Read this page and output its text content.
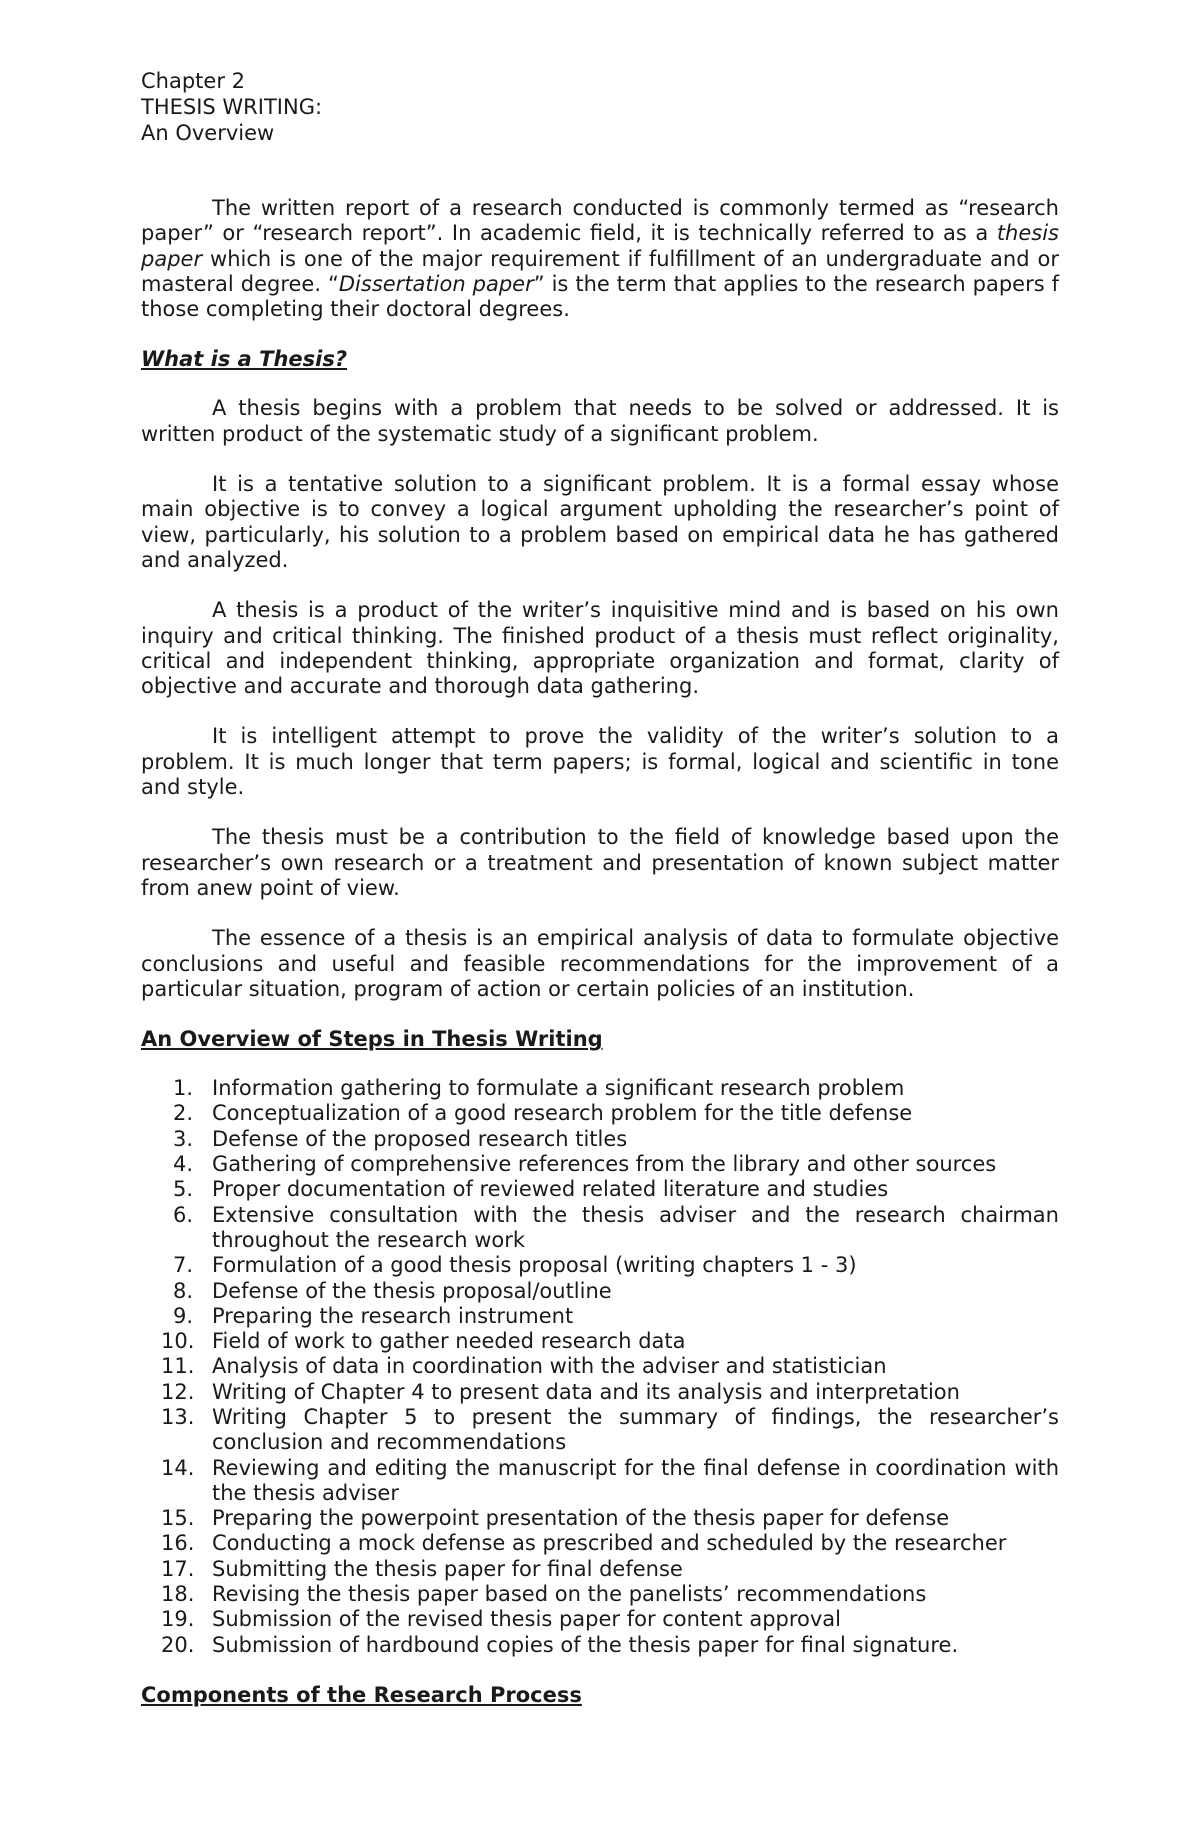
Chapter 2

THESIS WRITING:

An Overview

The written report of a research conducted is commonly termed as “research paper” or “research report”. In academic field, it is technically referred to as a thesis paper which is one of the major requirement if fulfillment of an undergraduate and or masteral degree. “Dissertation paper” is the term that applies to the research papers f those completing their doctoral degrees.

What is a Thesis?

A thesis begins with a problem that needs to be solved or addressed. It is written product of the systematic study of a significant problem.

It is a tentative solution to a significant problem. It is a formal essay whose main objective is to convey a logical argument upholding the researcher’s point of view, particularly, his solution to a problem based on empirical data he has gathered and analyzed.

A thesis is a product of the writer’s inquisitive mind and is based on his own inquiry and critical thinking. The finished product of a thesis must reflect originality, critical and independent thinking, appropriate organization and format, clarity of objective and accurate and thorough data gathering.

It is intelligent attempt to prove the validity of the writer’s solution to a problem. It is much longer that term papers; is formal, logical and scientific in tone and style.

The thesis must be a contribution to the field of knowledge based upon the researcher’s own research or a treatment and presentation of known subject matter from anew point of view.

The essence of a thesis is an empirical analysis of data to formulate objective conclusions and useful and feasible recommendations for the improvement of a particular situation, program of action or certain policies of an institution.

An Overview of Steps in Thesis Writing

1. Information gathering to formulate a significant research problem
2. Conceptualization of a good research problem for the title defense
3. Defense of the proposed research titles
4. Gathering of comprehensive references from the library and other sources
5. Proper documentation of reviewed related literature and studies
6. Extensive consultation with the thesis adviser and the research chairman throughout the research work
7. Formulation of a good thesis proposal (writing chapters 1 - 3)
8. Defense of the thesis proposal/outline
9. Preparing the research instrument
10. Field of work to gather needed research data
11. Analysis of data in coordination with the adviser and statistician
12. Writing of Chapter 4 to present data and its analysis and interpretation
13. Writing Chapter 5 to present the summary of findings, the researcher’s conclusion and recommendations
14. Reviewing and editing the manuscript for the final defense in coordination with the thesis adviser
15. Preparing the powerpoint presentation of the thesis paper for defense
16. Conducting a mock defense as prescribed and scheduled by the researcher
17. Submitting the thesis paper for final defense
18. Revising the thesis paper based on the panelists’ recommendations
19. Submission of the revised thesis paper for content approval
20. Submission of hardbound copies of the thesis paper for final signature.

Components of the Research Process
